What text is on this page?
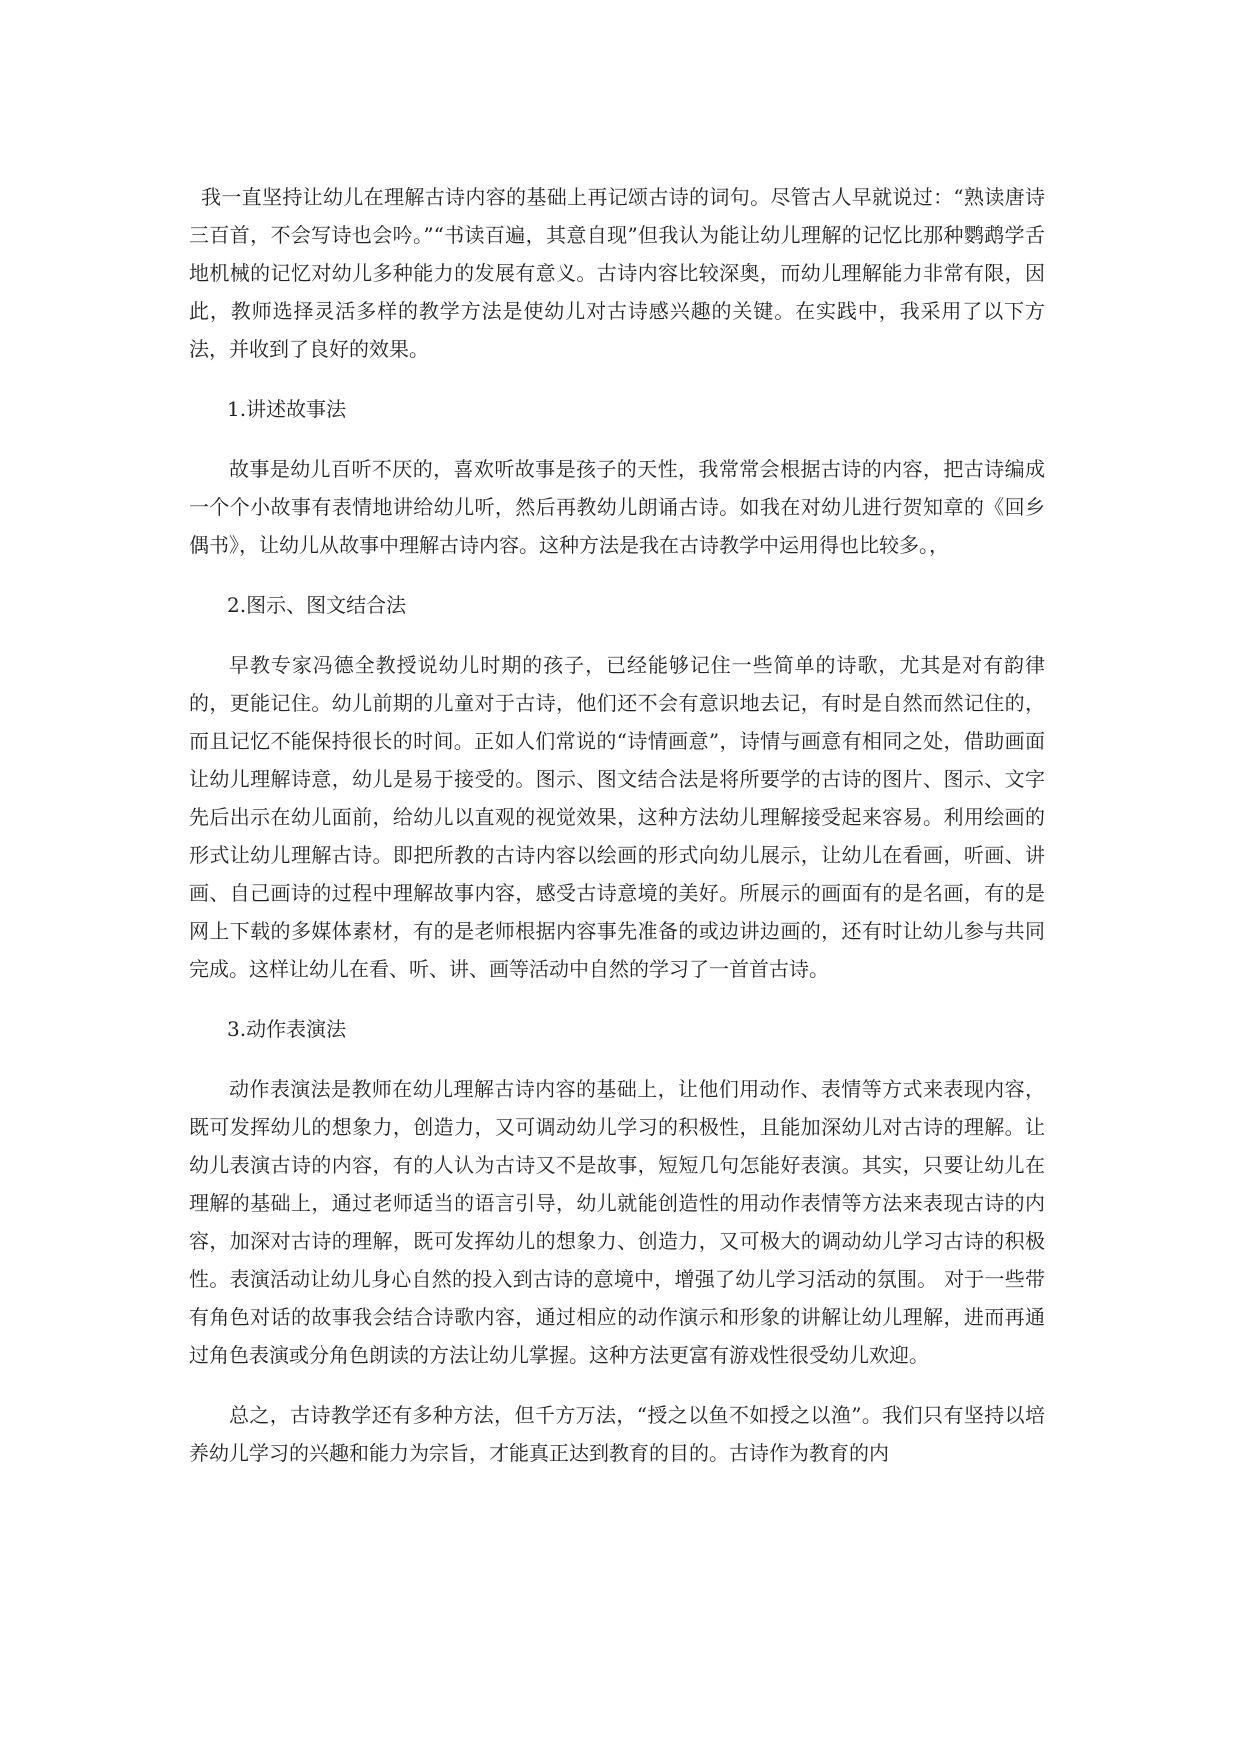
我一直坚持让幼儿在理解古诗内容的基础上再记颂古诗的词句。尽管古人早就说过：“熟读唐诗三百首，不会写诗也会吟。”“书读百遍，其意自现”但我认为能让幼儿理解的记忆比那种鹦鹉学舌地机械的记忆对幼儿多种能力的发展有意义。古诗内容比较深奥，而幼儿理解能力非常有限，因此，教师选择灵活多样的教学方法是使幼儿对古诗感兴趣的关键。在实践中，我采用了以下方法，并收到了良好的效果。

1.讲述故事法

故事是幼儿百听不厌的，喜欢听故事是孩子的天性，我常常会根据古诗的内容，把古诗编成一个个小故事有表情地讲给幼儿听，然后再教幼儿朗诵古诗。如我在对幼儿进行贺知章的《回乡偶书》，让幼儿从故事中理解古诗内容。这种方法是我在古诗教学中运用得也比较多。，

2.图示、图文结合法

早教专家冯德全教授说幼儿时期的孩子，已经能够记住一些简单的诗歌，尤其是对有韵律的，更能记住。幼儿前期的儿童对于古诗，他们还不会有意识地去记，有时是自然而然记住的，而且记忆不能保持很长的时间。正如人们常说的“诗情画意”，诗情与画意有相同之处，借助画面让幼儿理解诗意，幼儿是易于接受的。图示、图文结合法是将所要学的古诗的图片、图示、文字先后出示在幼儿面前，给幼儿以直观的视觉效果，这种方法幼儿理解接受起来容易。利用绘画的形式让幼儿理解古诗。即把所教的古诗内容以绘画的形式向幼儿展示，让幼儿在看画，听画、讲画、自己画诗的过程中理解故事内容，感受古诗意境的美好。所展示的画面有的是名画，有的是网上下载的多媒体素材，有的是老师根据内容事先准备的或边讲边画的，还有时让幼儿参与共同完成。这样让幼儿在看、听、讲、画等活动中自然的学习了一首首古诗。

3.动作表演法

动作表演法是教师在幼儿理解古诗内容的基础上，让他们用动作、表情等方式来表现内容，既可发挥幼儿的想象力，创造力，又可调动幼儿学习的积极性，且能加深幼儿对古诗的理解。让幼儿表演古诗的内容，有的人认为古诗又不是故事，短短几句怎能好表演。其实，只要让幼儿在理解的基础上，通过老师适当的语言引导，幼儿就能创造性的用动作表情等方法来表现古诗的内容，加深对古诗的理解，既可发挥幼儿的想象力、创造力，又可极大的调动幼儿学习古诗的积极性。表演活动让幼儿身心自然的投入到古诗的意境中，增强了幼儿学习活动的氛围。 对于一些带有角色对话的故事我会结合诗歌内容，通过相应的动作演示和形象的讲解让幼儿理解，进而再通过角色表演或分角色朗读的方法让幼儿掌握。这种方法更富有游戏性很受幼儿欢迎。

总之，古诗教学还有多种方法，但千方万法，“授之以鱼不如授之以渔”。我们只有坚持以培养幼儿学习的兴趣和能力为宗旨，才能真正达到教育的目的。古诗作为教育的内
